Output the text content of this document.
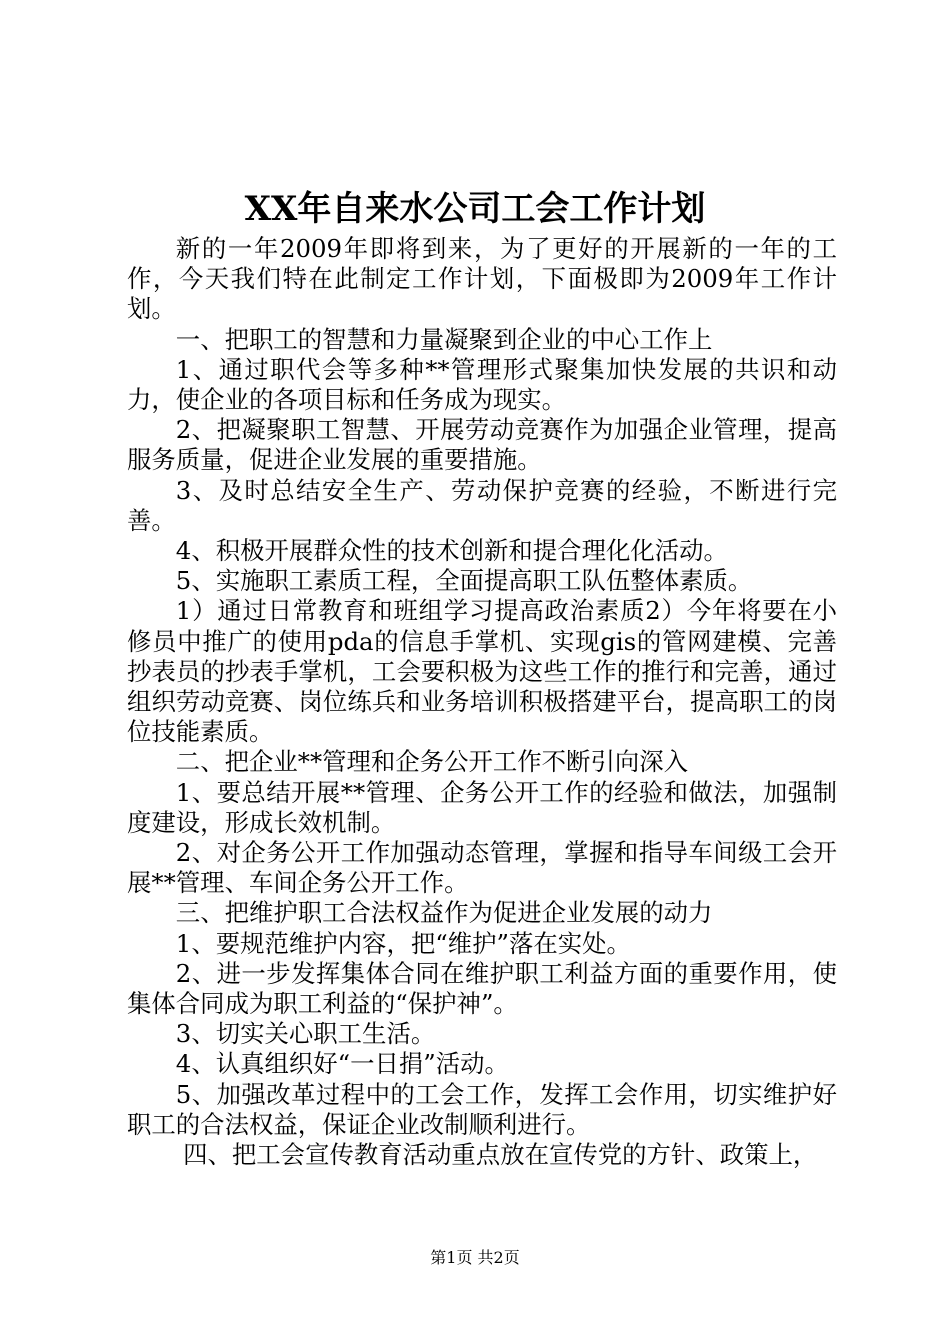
XX年自来水公司工会工作计划

新的一年2009年即将到来，为了更好的开展新的一年的工作，今天我们特在此制定工作计划，下面极即为2009年工作计划。

一、把职工的智慧和力量凝聚到企业的中心工作上

1、通过职代会等多种**管理形式聚集加快发展的共识和动力，使企业的各项目标和任务成为现实。

2、把凝聚职工智慧、开展劳动竞赛作为加强企业管理，提高服务质量，促进企业发展的重要措施。

3、及时总结安全生产、劳动保护竞赛的经验，不断进行完善。

4、积极开展群众性的技术创新和提合理化化活动。

5、实施职工素质工程，全面提高职工队伍整体素质。

1）通过日常教育和班组学习提高政治素质2）今年将要在小修员中推广的使用pda的信息手掌机、实现gis的管网建模、完善抄表员的抄表手掌机，工会要积极为这些工作的推行和完善，通过组织劳动竞赛、岗位练兵和业务培训积极搭建平台，提高职工的岗位技能素质。

二、把企业**管理和企务公开工作不断引向深入

1、要总结开展**管理、企务公开工作的经验和做法，加强制度建设，形成长效机制。

2、对企务公开工作加强动态管理，掌握和指导车间级工会开展**管理、车间企务公开工作。

三、把维护职工合法权益作为促进企业发展的动力

1、要规范维护内容，把“维护”落在实处。

2、进一步发挥集体合同在维护职工利益方面的重要作用，使集体合同成为职工利益的“保护神”。

3、切实关心职工生活。

4、认真组织好“一日捐”活动。

5、加强改革过程中的工会工作，发挥工会作用，切实维护好职工的合法权益，保证企业改制顺利进行。

四、把工会宣传教育活动重点放在宣传党的方针、政策上，

第1页 共2页
